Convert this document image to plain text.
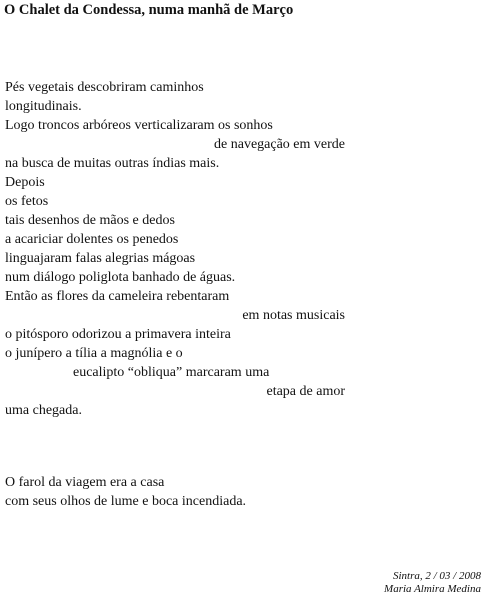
O Chalet da Condessa, numa manhã de Março
Pés vegetais descobriram caminhos
longitudinais.
Logo troncos arbóreos verticalizaram os sonhos
de navegação em verde
na busca de muitas outras índias mais.
Depois
os fetos
tais desenhos de mãos e dedos
a acariciar dolentes os penedos
linguajaram falas alegrias mágoas
num diálogo poliglota banhado de águas.
Então as flores da cameleira rebentaram
em notas musicais
o pitósporo odorizou a primavera inteira
o junípero a tília a magnólia e o
eucalipto “obliqua” marcaram uma
etapa de amor
uma chegada.
O farol da viagem era a casa
com seus olhos de lume e boca incendiada.
Sintra, 2 / 03 / 2008
Maria Almira Medina
